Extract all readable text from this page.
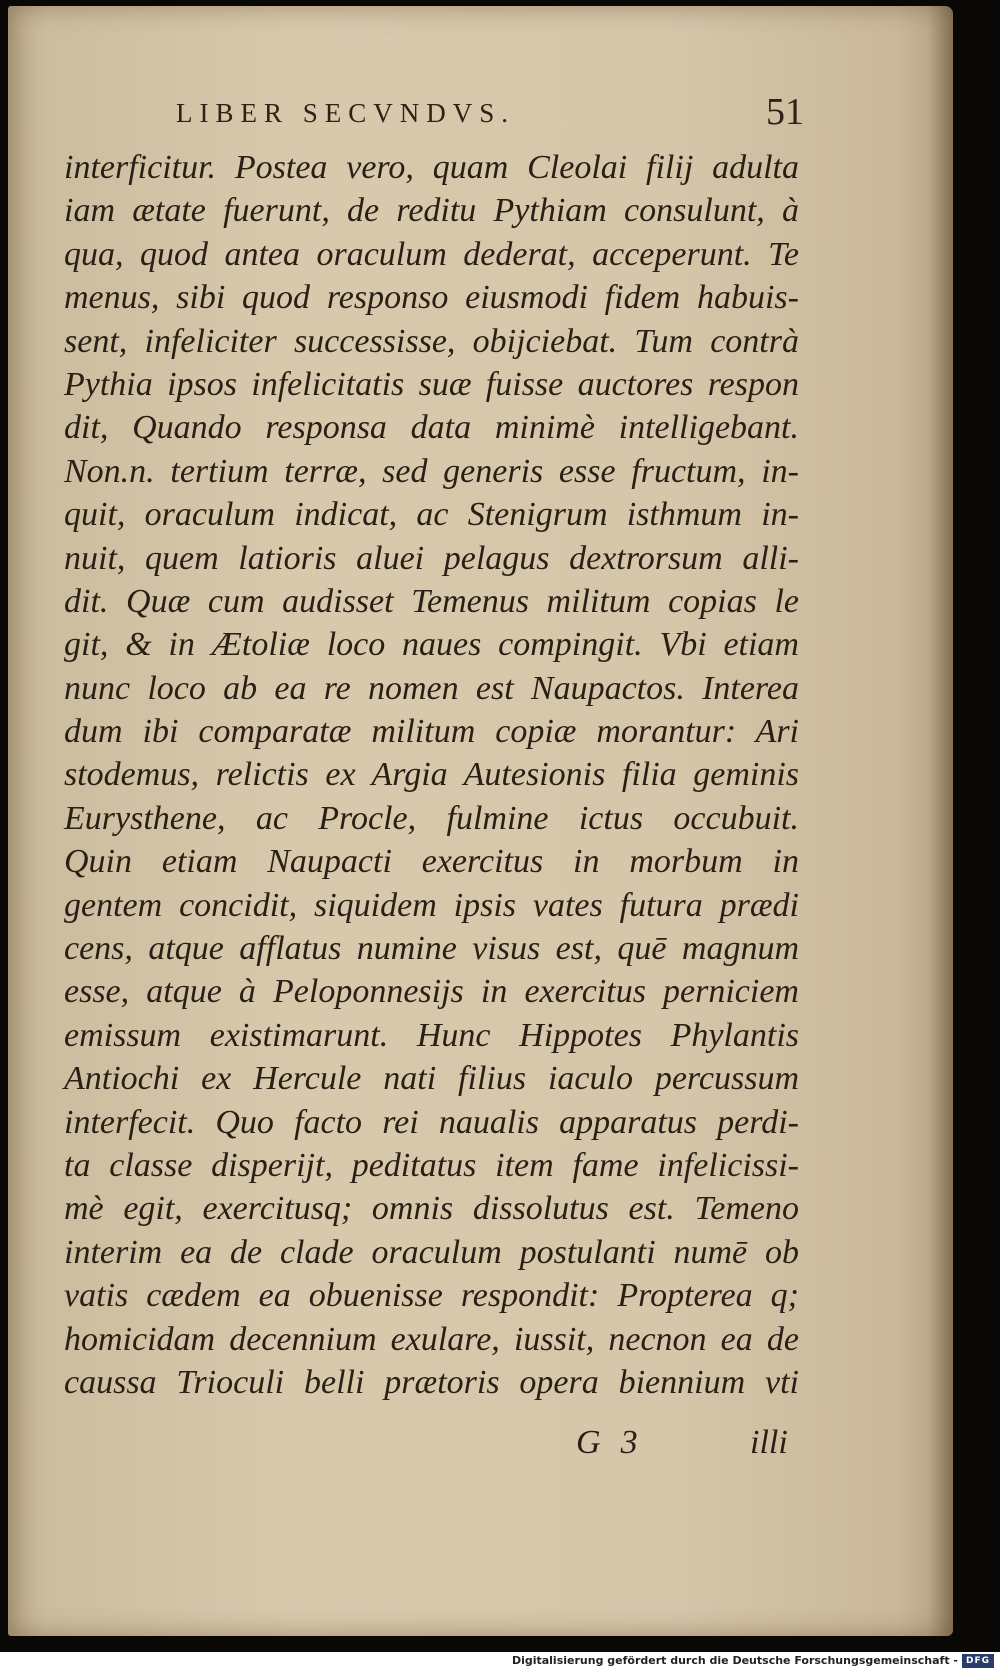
LIBER SECVNDVS.	51
interficitur. Postea vero, quam Cleolai filij adulta
iam ætate fuerunt, de reditu Pythiam consulunt, à
qua, quod antea oraculum dederat, acceperunt. Te
menus, sibi quod responso eiusmodi fidem habuis-
sent, infeliciter successisse, obijciebat. Tum contrà
Pythia ipsos infelicitatis suæ fuisse auctores respon
dit, Quando responsa data minimè intelligebant.
Non.n. tertium terræ, sed generis esse fructum, in-
quit, oraculum indicat, ac Stenigrum isthmum in-
nuit, quem latioris aluei pelagus dextrorsum alli-
dit. Quæ cum audisset Temenus militum copias le
git, & in Ætoliæ loco naues compingit. Vbi etiam
nunc loco ab ea re nomen est Naupactos. Interea
dum ibi comparatæ militum copiæ morantur: Ari
stodemus, relictis ex Argia Autesionis filia geminis
Eurysthene, ac Procle, fulmine ictus occubuit.
Quin etiam Naupacti exercitus in morbum in
gentem concidit, siquidem ipsis vates futura prædi
cens, atque afflatus numine visus est, quē magnum
esse, atque à Peloponnesijs in exercitus perniciem
emissum existimarunt. Hunc Hippotes Phylantis
Antiochi ex Hercule nati filius iaculo percussum
interfecit. Quo facto rei naualis apparatus perdi-
ta classe disperijt, peditatus item fame infelicissi-
mè egit, exercitusq; omnis dissolutus est. Temeno
interim ea de clade oraculum postulanti numē ob
vatis cædem ea obuenisse respondit: Propterea q;
homicidam decennium exulare, iussit, necnon ea de
caussa Trioculi belli prætoris opera biennium vti
G 3	illi
Digitalisierung gefördert durch die Deutsche Forschungsgemeinschaft - DFG
